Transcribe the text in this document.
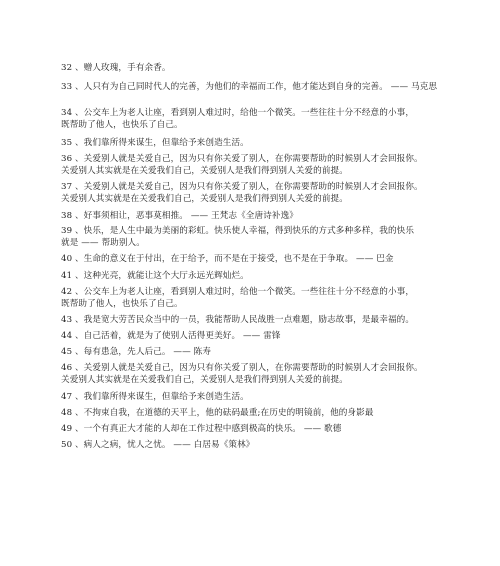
32 、赠人玫瑰，手有余香。
33 、人只有为自己同时代人的完善，为他们的幸福而工作，他才能达到自身的完善。 —— 马克思
34 、公交车上为老人让座，看到别人难过时，给他一个微笑。一些往往十分不经意的小事，
既帮助了他人，也快乐了自己。
35 、我们靠所得来谋生，但靠给予来创造生活。
36 、关爱别人就是关爱自己，因为只有你关爱了别人，在你需要帮助的时候别人才会回报你。
关爱别人其实就是在关爱我们自己，关爱别人是我们得到别人关爱的前提。
37 、关爱别人就是关爱自己，因为只有你关爱了别人，在你需要帮助的时候别人才会回报你。
关爱别人其实就是在关爱我们自己，关爱别人是我们得到别人关爱的前提。
38 、好事须相让，恶事莫相推。 —— 王梵志《全唐诗补逸》
39 、快乐，是人生中最为美丽的彩虹。快乐使人幸福，得到快乐的方式多种多样，我的快乐
就是 —— 帮助别人。
40 、生命的意义在于付出，在于给予，而不是在于接受，也不是在于争取。 —— 巴金
41 、这种光亮，就能让这个大厅永远光辉灿烂。
42 、公交车上为老人让座，看到别人难过时，给他一个微笑。一些往往十分不经意的小事，
既帮助了他人，也快乐了自己。
43 、我是宽大劳苦民众当中的一员，我能帮助人民战胜一点难题，励志故事，是最幸福的。
44 、自己活着，就是为了使别人活得更美好。 —— 雷锋
45 、每有患急，先人后己。 —— 陈寿
46 、关爱别人就是关爱自己，因为只有你关爱了别人，在你需要帮助的时候别人才会回报你。
关爱别人其实就是在关爱我们自己，关爱别人是我们得到别人关爱的前提。
47 、我们靠所得来谋生，但靠给予来创造生活。
48 、不拘束自我，在道德的天平上，他的砝码最重;在历史的明镜前，他的身影最
49 、一个有真正大才能的人却在工作过程中感到极高的快乐。 —— 歌德
50 、病人之病，忧人之忧。 —— 白居易《策林》
